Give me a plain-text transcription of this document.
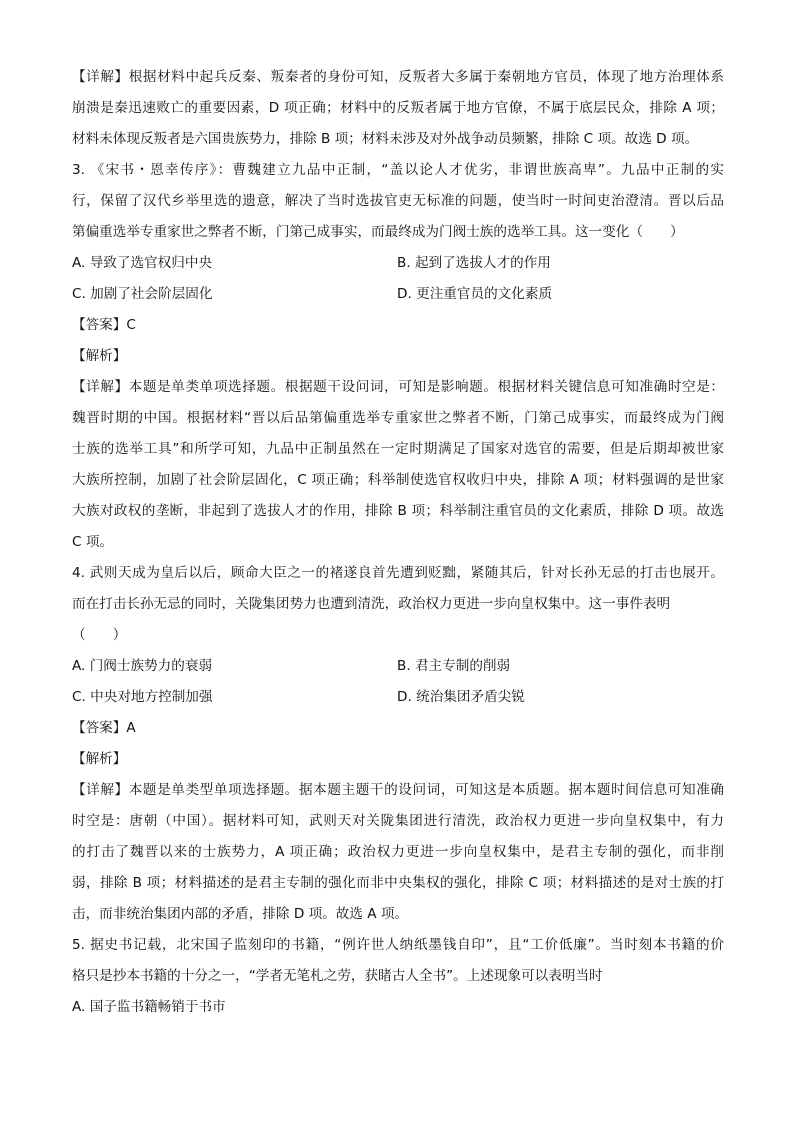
【详解】根据材料中起兵反秦、叛秦者的身份可知，反叛者大多属于秦朝地方官员，体现了地方治理体系
崩溃是秦迅速败亡的重要因素，D 项正确；材料中的反叛者属于地方官僚，不属于底层民众，排除 A 项；
材料未体现反叛者是六国贵族势力，排除 B 项；材料未涉及对外战争动员频繁，排除 C 项。故选 D 项。
3. 《宋书・恩幸传序》：曹魏建立九品中正制，“盖以论人才优劣，非谓世族高卑”。九品中正制的实
行，保留了汉代乡举里选的遗意，解决了当时选拔官吏无标准的问题，使当时一时间吏治澄清。晋以后品
第偏重选举专重家世之弊者不断，门第己成事实，而最终成为门阀士族的选举工具。这一变化（　　）
A. 导致了选官权归中央	B. 起到了选拔人才的作用
C. 加剧了社会阶层固化	D. 更注重官员的文化素质
【答案】C
【解析】
【详解】本题是单类单项选择题。根据题干设问词，可知是影响题。根据材料关键信息可知准确时空是：
魏晋时期的中国。根据材料“晋以后品第偏重选举专重家世之弊者不断，门第己成事实，而最终成为门阀
士族的选举工具”和所学可知，九品中正制虽然在一定时期满足了国家对选官的需要，但是后期却被世家
大族所控制，加剧了社会阶层固化，C 项正确；科举制使选官权收归中央，排除 A 项；材料强调的是世家
大族对政权的垄断，非起到了选拔人才的作用，排除 B 项；科举制注重官员的文化素质，排除 D 项。故选
C 项。
4. 武则天成为皇后以后，顾命大臣之一的褚遂良首先遭到贬黜，紧随其后，针对长孙无忌的打击也展开。
而在打击长孙无忌的同时，关陇集团势力也遭到清洗，政治权力更进一步向皇权集中。这一事件表明
（　　）
A. 门阀士族势力的衰弱	B. 君主专制的削弱
C. 中央对地方控制加强	D. 统治集团矛盾尖锐
【答案】A
【解析】
【详解】本题是单类型单项选择题。据本题主题干的设问词，可知这是本质题。据本题时间信息可知准确
时空是：唐朝（中国）。据材料可知，武则天对关陇集团进行清洗，政治权力更进一步向皇权集中，有力
的打击了魏晋以来的士族势力，A 项正确；政治权力更进一步向皇权集中，是君主专制的强化，而非削
弱，排除 B 项；材料描述的是君主专制的强化而非中央集权的强化，排除 C 项；材料描述的是对士族的打
击，而非统治集团内部的矛盾，排除 D 项。故选 A 项。
5. 据史书记载，北宋国子监刻印的书籍，“例许世人纳纸墨钱自印”，且“工价低廉”。当时刻本书籍的价
格只是抄本书籍的十分之一，“学者无笔札之劳，获睹古人全书”。上述现象可以表明当时
A. 国子监书籍畅销于书市
